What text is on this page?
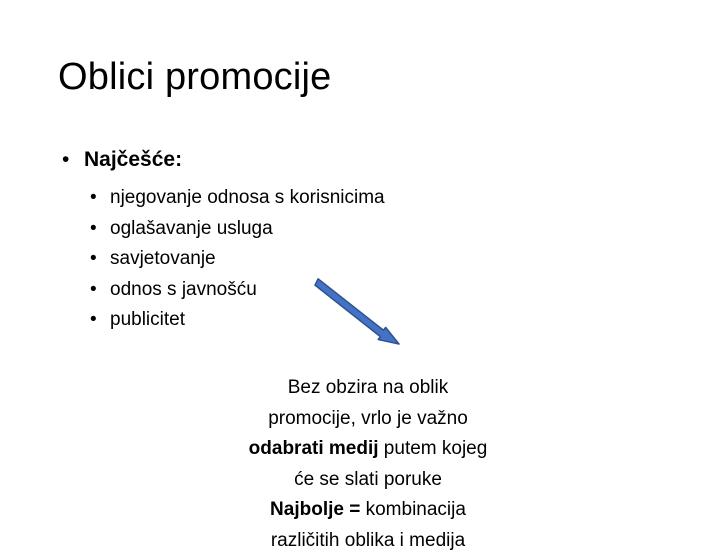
Oblici promocije
• Najčešće:
• njegovanje odnosa s korisnicima
• oglašavanje usluga
• savjetovanje
• odnos s javnošću
• publicitet

Bez obzira na oblik promocije, vrlo je važno odabrati medij putem kojeg će se slati poruke
Najbolje = kombinacija različitih oblika i medija
